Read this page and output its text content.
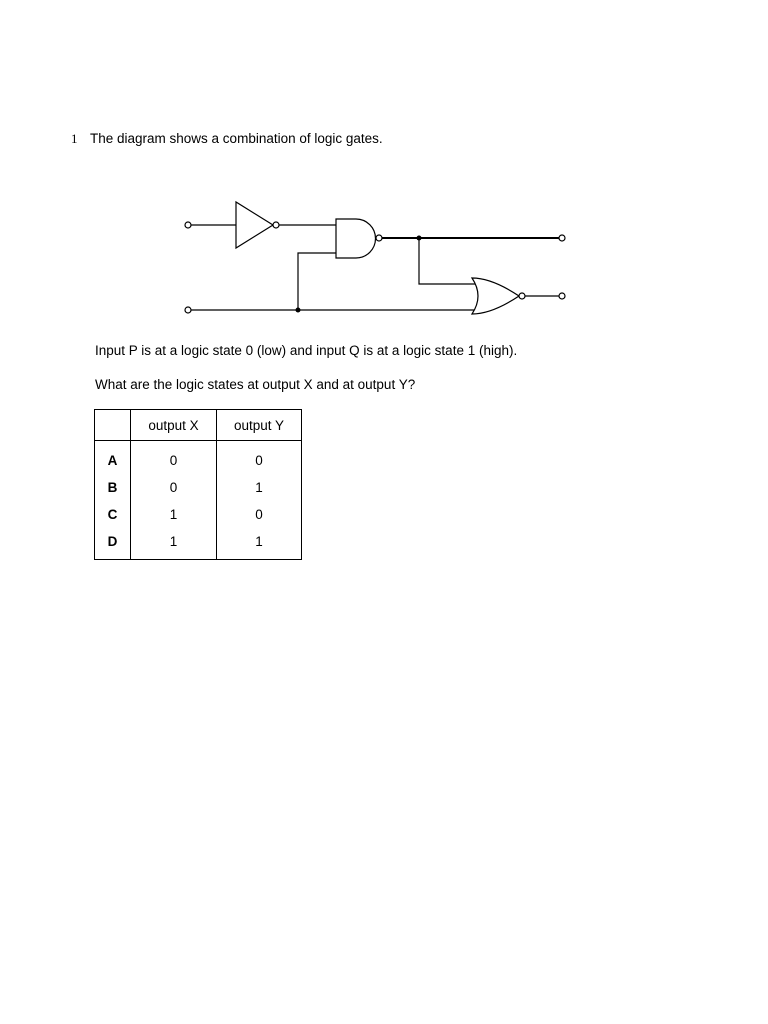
1 The diagram shows a combination of logic gates.
Input P is at a logic state 0 (low) and input Q is at a logic state 1 (high).
What are the logic states at output X and at output Y?
	output X	output Y
A	0	0
B	0	1
C	1	0
D	1	1
